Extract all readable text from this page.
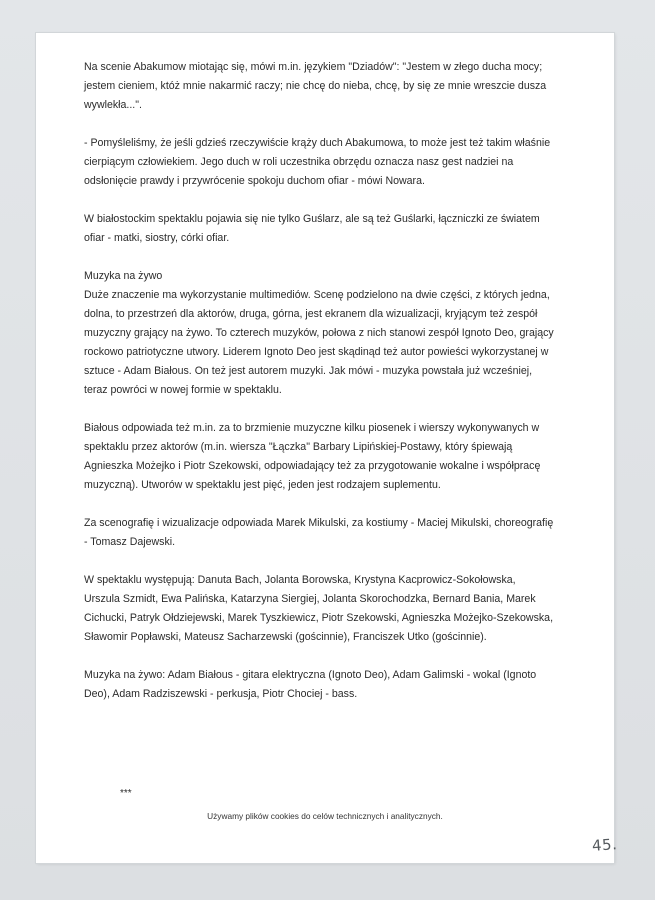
Na scenie Abakumow miotając się, mówi m.in. językiem "Dziadów": "Jestem w złego ducha mocy; jestem cieniem, któż mnie nakarmić raczy; nie chcę do nieba, chcę, by się ze mnie wreszcie dusza wywlekła...".

- Pomyśleliśmy, że jeśli gdzieś rzeczywiście krąży duch Abakumowa, to może jest też takim właśnie cierpiącym człowiekiem. Jego duch w roli uczestnika obrzędu oznacza nasz gest nadziei na odsłonięcie prawdy i przywrócenie spokoju duchom ofiar - mówi Nowara.

W białostockim spektaklu pojawia się nie tylko Guślarz, ale są też Guślarki, łączniczki ze światem ofiar - matki, siostry, córki ofiar.

Muzyka na żywo

Duże znaczenie ma wykorzystanie multimediów. Scenę podzielono na dwie części, z których jedna, dolna, to przestrzeń dla aktorów, druga, górna, jest ekranem dla wizualizacji, kryjącym też zespół muzyczny grający na żywo. To czterech muzyków, połowa z nich stanowi zespół Ignoto Deo, grający rockowo patriotyczne utwory. Liderem Ignoto Deo jest skądinąd też autor powieści wykorzystanej w sztuce - Adam Białous. On też jest autorem muzyki. Jak mówi - muzyka powstała już wcześniej, teraz powróci w nowej formie w spektaklu.

Białous odpowiada też m.in. za to brzmienie muzyczne kilku piosenek i wierszy wykonywanych w spektaklu przez aktorów (m.in. wiersza "Łączka" Barbary Lipińskiej-Postawy, który śpiewają Agnieszka Możejko i Piotr Szekowski, odpowiadający też za przygotowanie wokalne i współpracę muzyczną). Utworów w spektaklu jest pięć, jeden jest rodzajem suplementu.

Za scenografię i wizualizacje odpowiada Marek Mikulski, za kostiumy - Maciej Mikulski, choreografię - Tomasz Dajewski.

W spektaklu występują: Danuta Bach, Jolanta Borowska, Krystyna Kacprowicz-Sokołowska, Urszula Szmidt, Ewa Palińska, Katarzyna Siergiej, Jolanta Skorochodzka, Bernard Bania, Marek Cichucki, Patryk Ołdziejewski, Marek Tyszkiewicz, Piotr Szekowski, Agnieszka Możejko-Szekowska, Sławomir Popławski, Mateusz Sacharzewski (gościnnie), Franciszek Utko (gościnnie).

Muzyka na żywo: Adam Białous - gitara elektryczna (Ignoto Deo), Adam Galimski - wokal (Ignoto Deo), Adam Radziszewski - perkusja, Piotr Chociej - bass.

***
Używamy plików cookies do celów technicznych i analitycznych.
45.
